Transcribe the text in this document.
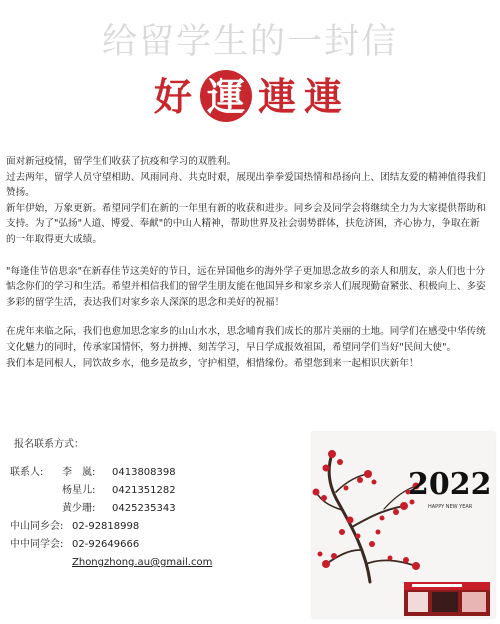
给留学生的一封信
好 運 連 連

面对新冠疫情，留学生们收获了抗疫和学习的双胜利。

过去两年，留学人员守望相助、风雨同舟、共克时艰，展现出拳拳爱国热情和昂扬向上、团结友爱的精神值得我们赞扬。

新年伊始，万象更新。希望同学们在新的一年里有新的收获和进步。同乡会及同学会将继续全力为大家提供帮助和支持。为了"弘扬"人道、博爱、奉献"的中山人精神，帮助世界及社会弱势群体，扶危济困，齐心协力，争取在新的一年取得更大成绩。

"每逢佳节倍思亲"在新春佳节这美好的节日，远在异国他乡的海外学子更加思念故乡的亲人和朋友，亲人们也十分惦念你们的学习和生活。希望并相信我们的留学生朋友能在他国异乡和家乡亲人们展现勤奋紧张、积极向上、多姿多彩的留学生活，表达我们对家乡亲人深深的思念和美好的祝福！

在虎年来临之际，我们也愈加思念家乡的山山水水，思念哺育我们成长的那片美丽的土地。同学们在感受中华传统文化魅力的同时，传承家国情怀，努力拼搏、刻苦学习，早日学成报效祖国，希望同学们当好"民间大使"。

我们本是同根人，同饮故乡水，他乡是故乡，守护相望，相惜缘份。希望您到来一起相识庆新年！

报名联系方式：
联系人: 李　嵐: 0413808398
杨星儿: 0421351282
黄少珊: 0425235343
中山同乡会: 02-92818998
中中同学会: 02-92649666
Zhongzhong.au@gmail.com
2022
HAPPY NEW YEAR
